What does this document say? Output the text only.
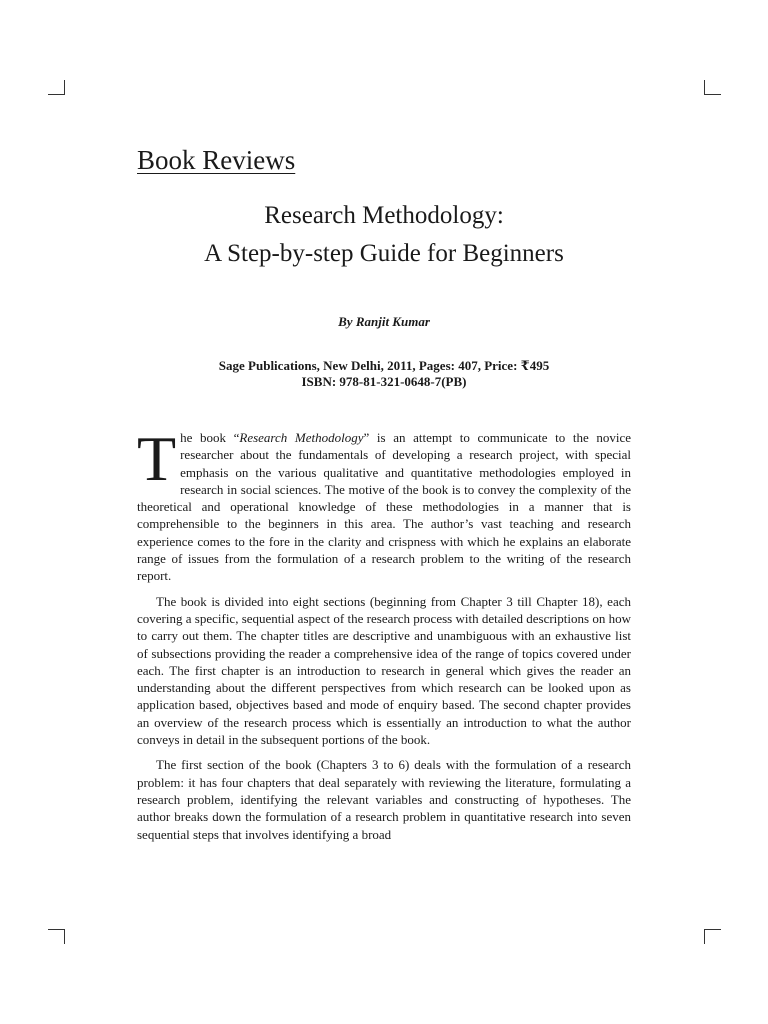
Book Reviews
Research Methodology:
A Step-by-step Guide for Beginners
By Ranjit Kumar
Sage Publications, New Delhi, 2011, Pages: 407, Price: ₹495
ISBN: 978-81-321-0648-7(PB)

The book “Research Methodology” is an attempt to communicate to the novice researcher about the fundamentals of developing a research project, with special emphasis on the various qualitative and quantitative methodologies employed in research in social sciences. The motive of the book is to convey the complexity of the theoretical and operational knowledge of these methodologies in a manner that is comprehensible to the beginners in this area. The author’s vast teaching and research experience comes to the fore in the clarity and crispness with which he explains an elaborate range of issues from the formulation of a research problem to the writing of the research report.

The book is divided into eight sections (beginning from Chapter 3 till Chapter 18), each covering a specific, sequential aspect of the research process with detailed descriptions on how to carry out them. The chapter titles are descriptive and unambiguous with an exhaustive list of subsections providing the reader a comprehensive idea of the range of topics covered under each. The first chapter is an introduction to research in general which gives the reader an understanding about the different perspectives from which research can be looked upon as application based, objectives based and mode of enquiry based. The second chapter provides an overview of the research process which is essentially an introduction to what the author conveys in detail in the subsequent portions of the book.

The first section of the book (Chapters 3 to 6) deals with the formulation of a research problem: it has four chapters that deal separately with reviewing the literature, formulating a research problem, identifying the relevant variables and constructing of hypotheses. The author breaks down the formulation of a research problem in quantitative research into seven sequential steps that involves identifying a broad
